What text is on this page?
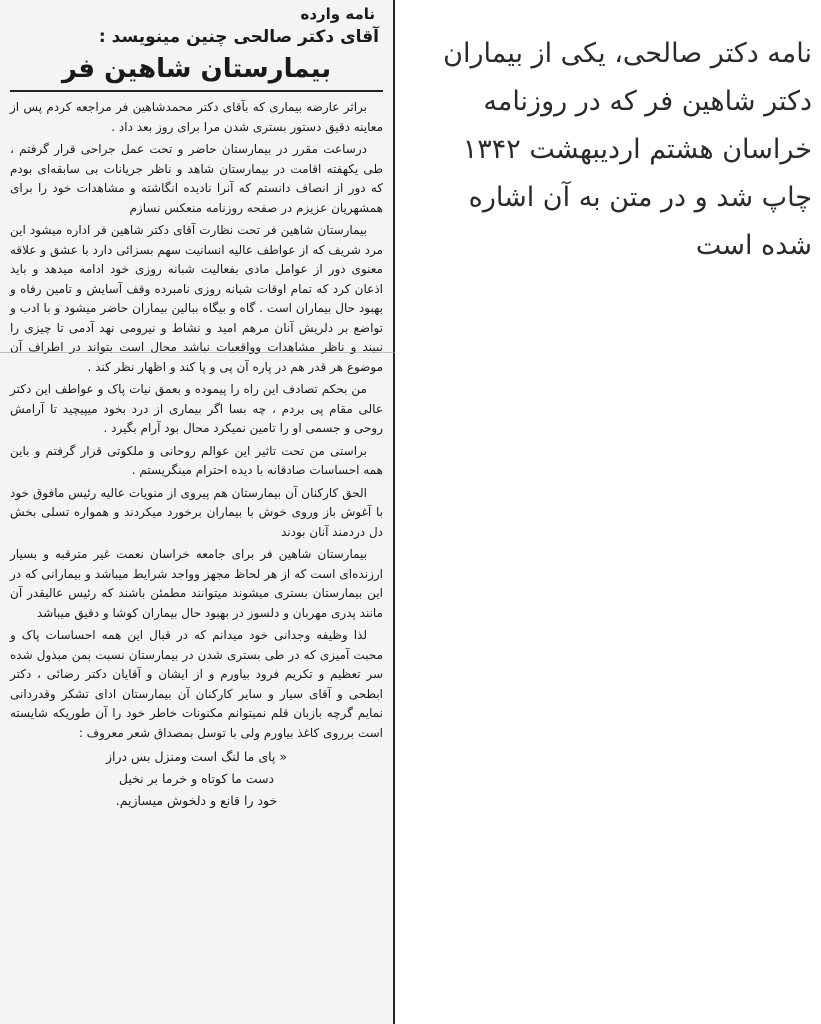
نامه وارده
آقای دکتر صالحی چنین مینویسد :
بیمارستان شاهین فر

براثر عارضه بیماری که بآقای دکتر محمدشاهین فر مراجعه کردم پس از معاینه دقیق دستور بستری شدن مرا برای روز بعد داد .

درساعت مقرر در بیمارستان حاضر و تحت عمل جراحی قرار گرفتم ، طی یکهفته اقامت در بیمارستان شاهد و ناظر جریانات بی سابقه‌ای بودم که دور از انصاف دانستم که آنرا نادیده انگاشته و مشاهدات خود را برای همشهریان عزیزم در صفحه روزنامه منعکس نسازم

بیمارستان شاهین فر تحت نظارت آقای دکتر شاهین فر اداره میشود این مرد شریف که از عواطف عالیه انسانیت سهم بسزائی دارد با عشق و علاقه معنوی دور از عوامل مادی بفعالیت شبانه روزی خود ادامه میدهد و باید اذعان کرد که تمام اوقات شبانه روزی نامبرده وقف آسایش و تامین رفاه و بهبود حال بیماران است . گاه و بیگاه ببالین بیماران حاضر میشود و با ادب و تواضع بر دلریش آنان مرهم امید و نشاط و نیرومی نهد آدمی تا چیزی را نبیند و ناظر مشاهدات وواقعیات نباشد محال است بتواند در اطراف آن موضوع هر قدر هم در پاره آن پی و پا کند و اظهار نظر کند .

من بحکم تصادف این راه را پیموده و بعمق نیات پاک و عواطف این دکتر عالی مقام پی بردم ، چه بسا اگر بیماری از درد بخود میپیچید تا آرامش روحی و جسمی او را تامین نمیکرد محال بود آرام بگیرد .

براستی من تحت تاثیر این عوالم روحانی و ملکوتی قرار گرفتم و باین همه احساسات صادقانه با دیده احترام مینگریستم .

الحق کارکنان آن بیمارستان هم پیروی از منویات عالیه رئیس مافوق خود با آغوش باز وروی خوش با بیماران برخورد میکردند و همواره تسلی بخش دل دردمند آنان بودند

بیمارستان شاهین فر برای جامعه خراسان نعمت غیر مترقبه و بسیار ارزنده‌ای است که از هر لحاظ مجهز وواجد شرایط میباشد و بیمارانی که در این بیمارستان بستری میشوند میتوانند مطمئن باشند که رئیس عالیقدر آن مانند پدری مهربان و دلسوز در بهبود حال بیماران کوشا و دقیق میباشد

لذا وظیفه وجدانی خود میدانم که در قبال این همه احساسات پاک و محبت آمیزی که در طی بستری شدن در بیمارستان نسبت بمن مبذول شده سر تعظیم و تکریم فرود بیاورم و از ایشان و آقایان دکتر رضائی ، دکتر ابطحی و آقای سیار و سایر کارکنان آن بیمارستان ادای تشکر وقدردانی نمایم گرچه بازبان قلم نمیتوانم مکنونات خاطر خود را آن طوریکه شایسته است برروی کاغذ بیاورم ولی با توسل بمصداق شعر معروف :

« پای ما لنگ است ومنزل بس دراز
دست ما کوتاه و خرما بر نخیل
خود را قانع و دلخوش میسازیم.
نامه دکتر صالحی، یکی از بیماران دکتر شاهین فر که در روزنامه خراسان هشتم اردیبهشت ۱۳۴۲ چاپ شد و در متن به آن اشاره شده است
